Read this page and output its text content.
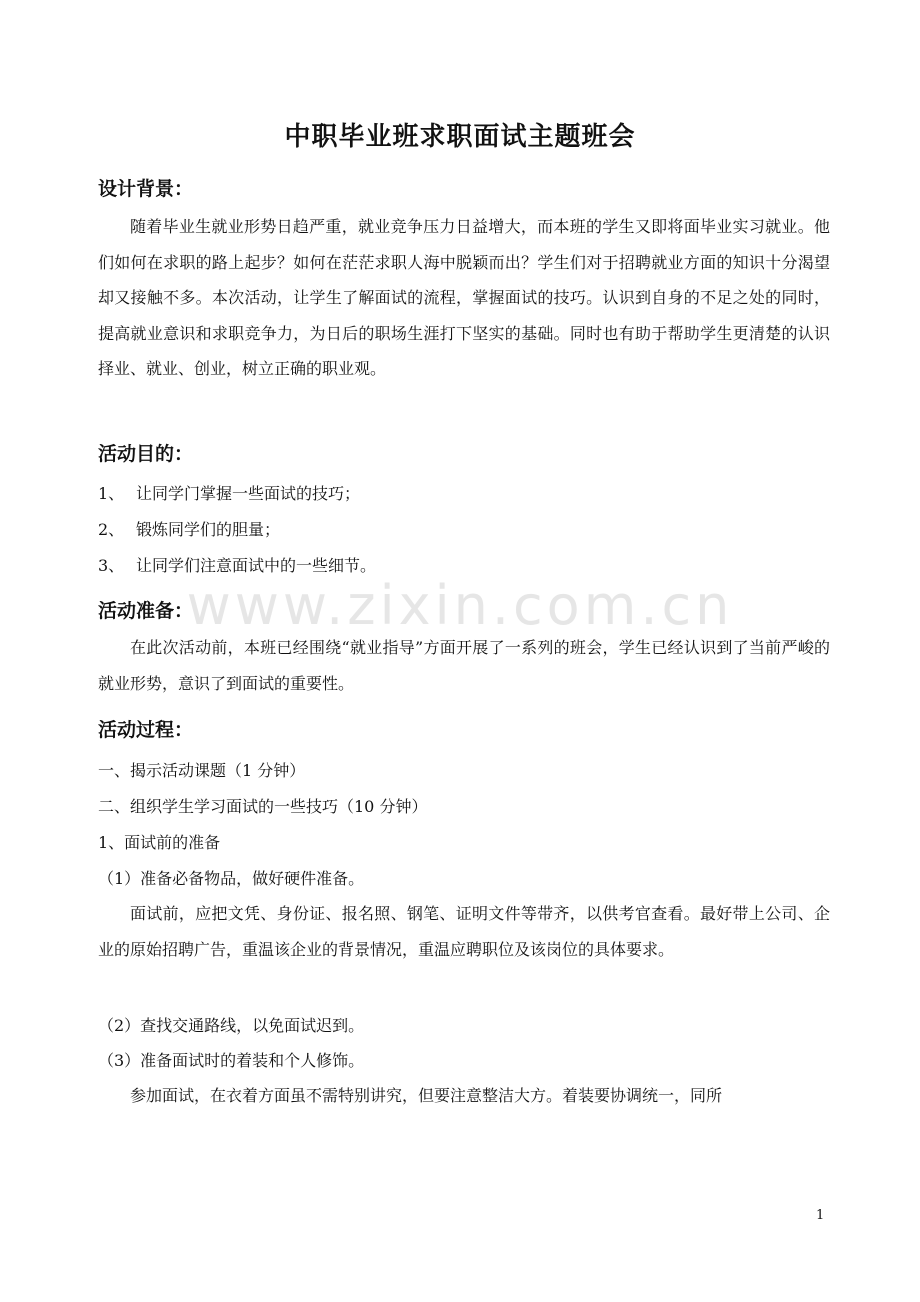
中职毕业班求职面试主题班会
设计背景：

随着毕业生就业形势日趋严重，就业竞争压力日益增大，而本班的学生又即将面毕业实习就业。他们如何在求职的路上起步？如何在茫茫求职人海中脱颖而出？学生们对于招聘就业方面的知识十分渴望却又接触不多。本次活动，让学生了解面试的流程，掌握面试的技巧。认识到自身的不足之处的同时，提高就业意识和求职竞争力，为日后的职场生涯打下坚实的基础。同时也有助于帮助学生更清楚的认识择业、就业、创业，树立正确的职业观。

活动目的：
1、 让同学门掌握一些面试的技巧；
2、 锻炼同学们的胆量；
3、 让同学们注意面试中的一些细节。
活动准备：

在此次活动前，本班已经围绕“就业指导”方面开展了一系列的班会，学生已经认识到了当前严峻的就业形势，意识了到面试的重要性。

活动过程：
一、揭示活动课题（1 分钟）
二、组织学生学习面试的一些技巧（10 分钟）
1、面试前的准备
（1）准备必备物品，做好硬件准备。

面试前，应把文凭、身份证、报名照、钢笔、证明文件等带齐，以供考官查看。最好带上公司、企业的原始招聘广告，重温该企业的背景情况，重温应聘职位及该岗位的具体要求。

（2）查找交通路线，以免面试迟到。
（3）准备面试时的着装和个人修饰。

参加面试，在衣着方面虽不需特别讲究，但要注意整洁大方。着装要协调统一，同所

www.zixin.com.cn
1
